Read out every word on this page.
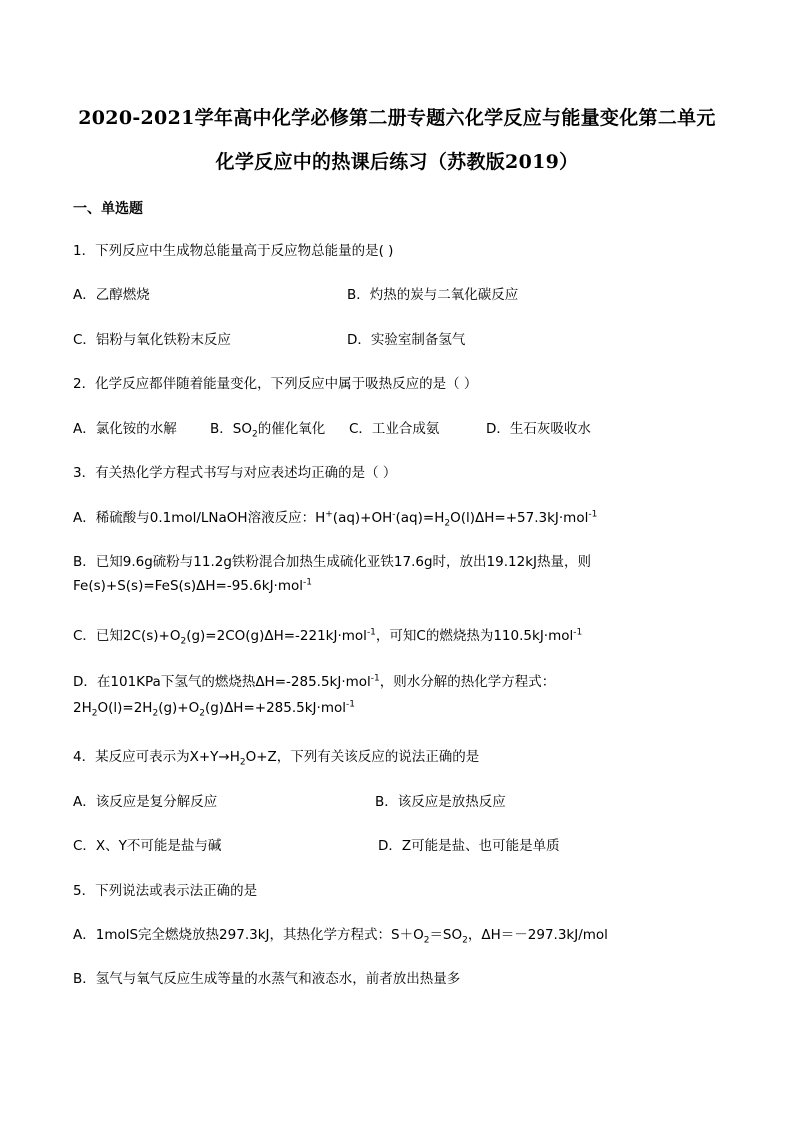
2020-2021学年高中化学必修第二册专题六化学反应与能量变化第二单元
化学反应中的热课后练习（苏教版2019）
一、单选题
1．下列反应中生成物总能量高于反应物总能量的是( )
A．乙醇燃烧	B．灼热的炭与二氧化碳反应
C．铝粉与氧化铁粉末反应	D．实验室制备氢气
2．化学反应都伴随着能量变化，下列反应中属于吸热反应的是（ ）
A．氯化铵的水解 B．$SO_2$的催化氧化 C．工业合成氨	D．生石灰吸收水
3．有关热化学方程式书写与对应表述均正确的是（ ）
A．稀硫酸与0.1mol/LNaOH溶液反应：$H^+(aq)+OH^-(aq)=H_2O(l)\Delta H=+57.3kJ\cdot mol^{-1}$
B．已知9.6g硫粉与11.2g铁粉混合加热生成硫化亚铁17.6g时，放出19.12kJ热量，则
Fe(s)+S(s)=FeS(s)ΔH=-95.6kJ·mol$^{-1}$
C．已知$2C(s)+O_2(g)=2CO(g)\Delta H=-221kJ\cdot mol^{-1}$，可知C的燃烧热为110.5kJ·mol$^{-1}$
D．在101KPa下氢气的燃烧热ΔH=-285.5kJ·mol$^{-1}$，则水分解的热化学方程式：
$2H_2O(l)=2H_2(g)+O_2(g)\Delta H=+285.5kJ\cdot mol^{-1}$
4．某反应可表示为$X+Y\to H_2O+Z$，下列有关该反应的说法正确的是
A．该反应是复分解反应	B．该反应是放热反应
C．X、Y不可能是盐与碱	D．Z可能是盐、也可能是单质
5．下列说法或表示法正确的是
A．1molS完全燃烧放热297.3kJ，其热化学方程式：$S+O_2=SO_2$，ΔH＝－297.3kJ/mol
B．氢气与氧气反应生成等量的水蒸气和液态水，前者放出热量多
